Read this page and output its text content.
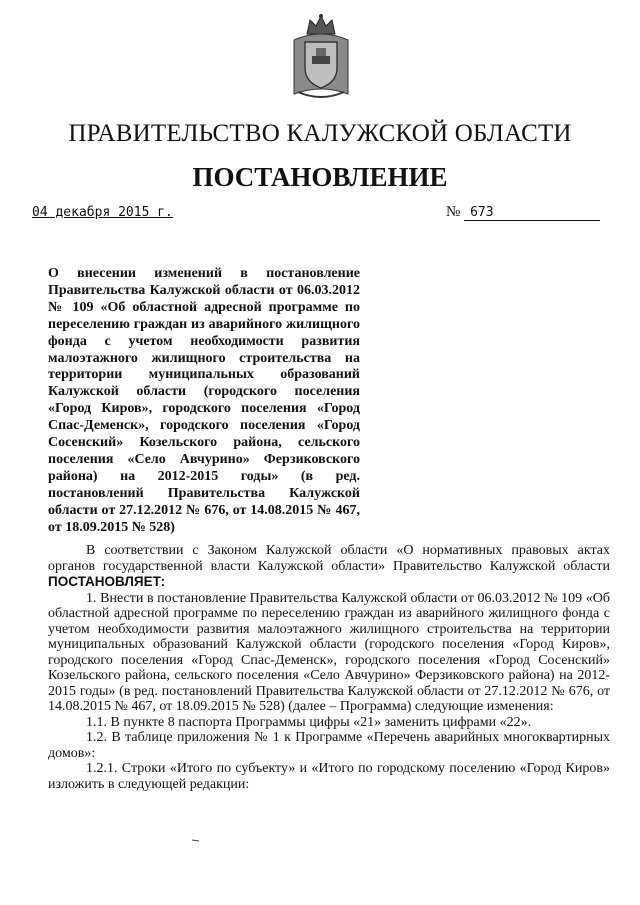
ПРАВИТЕЛЬСТВО КАЛУЖСКОЙ ОБЛАСТИ
ПОСТАНОВЛЕНИЕ
04 декабря 2015 г.	№ 673
О внесении изменений в постановление Правительства Калужской области от 06.03.2012 № 109 «Об областной адресной программе по переселению граждан из аварийного жилищного фонда с учетом необходимости развития малоэтажного жилищного строительства на территории муниципальных образований Калужской области (городского поселения «Город Киров», городского поселения «Город Спас-Деменск», городского поселения «Город Сосенский» Козельского района, сельского поселения «Село Авчурино» Ферзиковского района) на 2012-2015 годы» (в ред. постановлений Правительства Калужской области от 27.12.2012 № 676, от 14.08.2015 № 467, от 18.09.2015 № 528)

В соответствии с Законом Калужской области «О нормативных правовых актах органов государственной власти Калужской области» Правительство Калужской области ПОСТАНОВЛЯЕТ:

1. Внести в постановление Правительства Калужской области от 06.03.2012 № 109 «Об областной адресной программе по переселению граждан из аварийного жилищного фонда с учетом необходимости развития малоэтажного жилищного строительства на территории муниципальных образований Калужской области (городского поселения «Город Киров», городского поселения «Город Спас-Деменск», городского поселения «Город Сосенский» Козельского района, сельского поселения «Село Авчурино» Ферзиковского района) на 2012-2015 годы» (в ред. постановлений Правительства Калужской области от 27.12.2012 № 676, от 14.08.2015 № 467, от 18.09.2015 № 528) (далее – Программа) следующие изменения:

1.1. В пункте 8 паспорта Программы цифры «21» заменить цифрами «22».

1.2. В таблице приложения № 1 к Программе «Перечень аварийных многоквартирных домов»:

1.2.1. Строки «Итого по субъекту» и «Итого по городскому поселению «Город Киров» изложить в следующей редакции:
